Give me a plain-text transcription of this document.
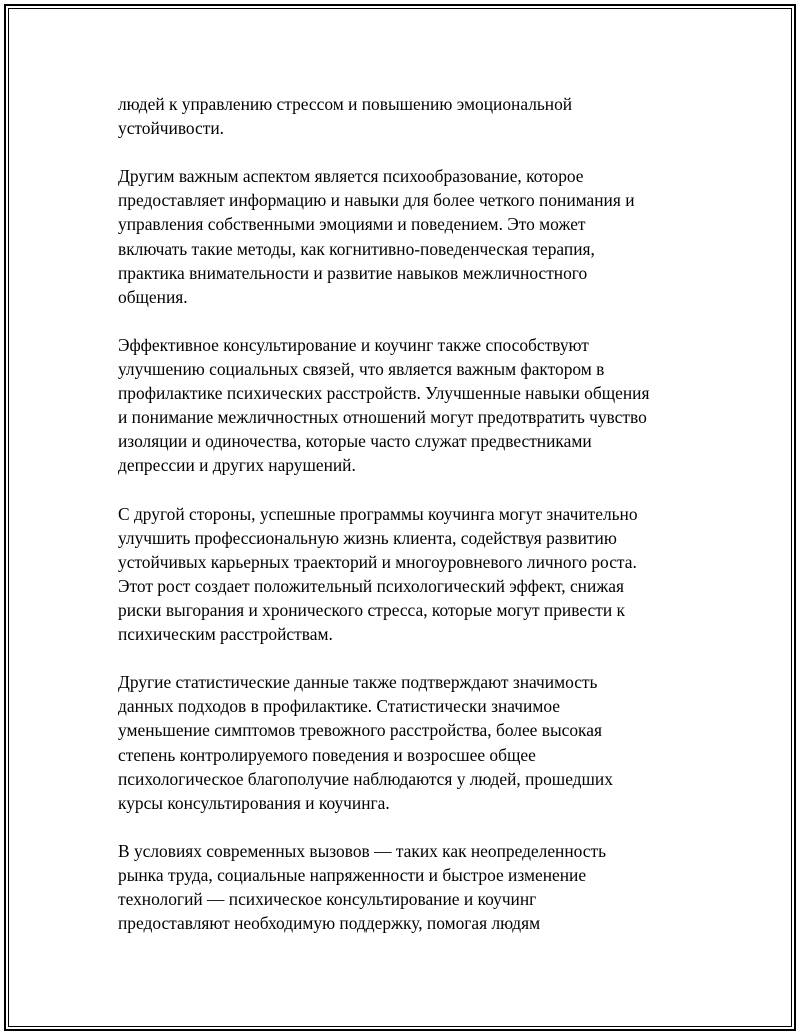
людей к управлению стрессом и повышению эмоциональной
устойчивости.

Другим важным аспектом является психообразование, которое
предоставляет информацию и навыки для более четкого понимания и
управления собственными эмоциями и поведением. Это может
включать такие методы, как когнитивно-поведенческая терапия,
практика внимательности и развитие навыков межличностного
общения.

Эффективное консультирование и коучинг также способствуют
улучшению социальных связей, что является важным фактором в
профилактике психических расстройств. Улучшенные навыки общения
и понимание межличностных отношений могут предотвратить чувство
изоляции и одиночества, которые часто служат предвестниками
депрессии и других нарушений.

С другой стороны, успешные программы коучинга могут значительно
улучшить профессиональную жизнь клиента, содействуя развитию
устойчивых карьерных траекторий и многоуровневого личного роста.
Этот рост создает положительный психологический эффект, снижая
риски выгорания и хронического стресса, которые могут привести к
психическим расстройствам.

Другие статистические данные также подтверждают значимость
данных подходов в профилактике. Статистически значимое
уменьшение симптомов тревожного расстройства, более высокая
степень контролируемого поведения и возросшее общее
психологическое благополучие наблюдаются у людей, прошедших
курсы консультирования и коучинга.

В условиях современных вызовов — таких как неопределенность
рынка труда, социальные напряженности и быстрое изменение
технологий — психическое консультирование и коучинг
предоставляют необходимую поддержку, помогая людям
